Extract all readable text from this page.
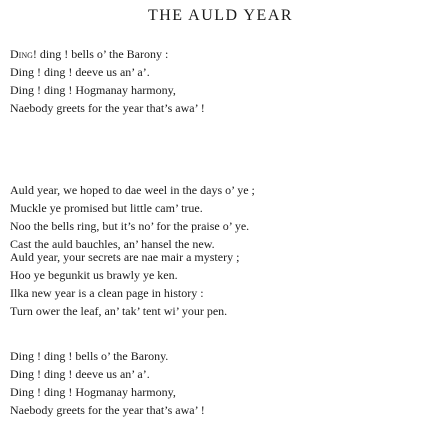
THE AULD YEAR
Ding! ding ! bells o’ the Barony :
Ding ! ding ! deeve us an’ a’.
Ding ! ding ! Hogmanay harmony,
Naebody greets for the year that’s awa’ !
Auld year, we hoped to dae weel in the days o’ ye ;
Muckle ye promised but little cam’ true.
Noo the bells ring, but it’s no’ for the praise o’ ye.
Cast the auld bauchles, an’ hansel the new.
Auld year, your secrets are nae mair a mystery ;
Hoo ye begunkit us brawly ye ken.
Ilka new year is a clean page in history :
Turn ower the leaf, an’ tak’ tent wi’ your pen.
Ding ! ding ! bells o’ the Barony.
Ding ! ding ! deeve us an’ a’.
Ding ! ding ! Hogmanay harmony,
Naebody greets for the year that’s awa’ !
